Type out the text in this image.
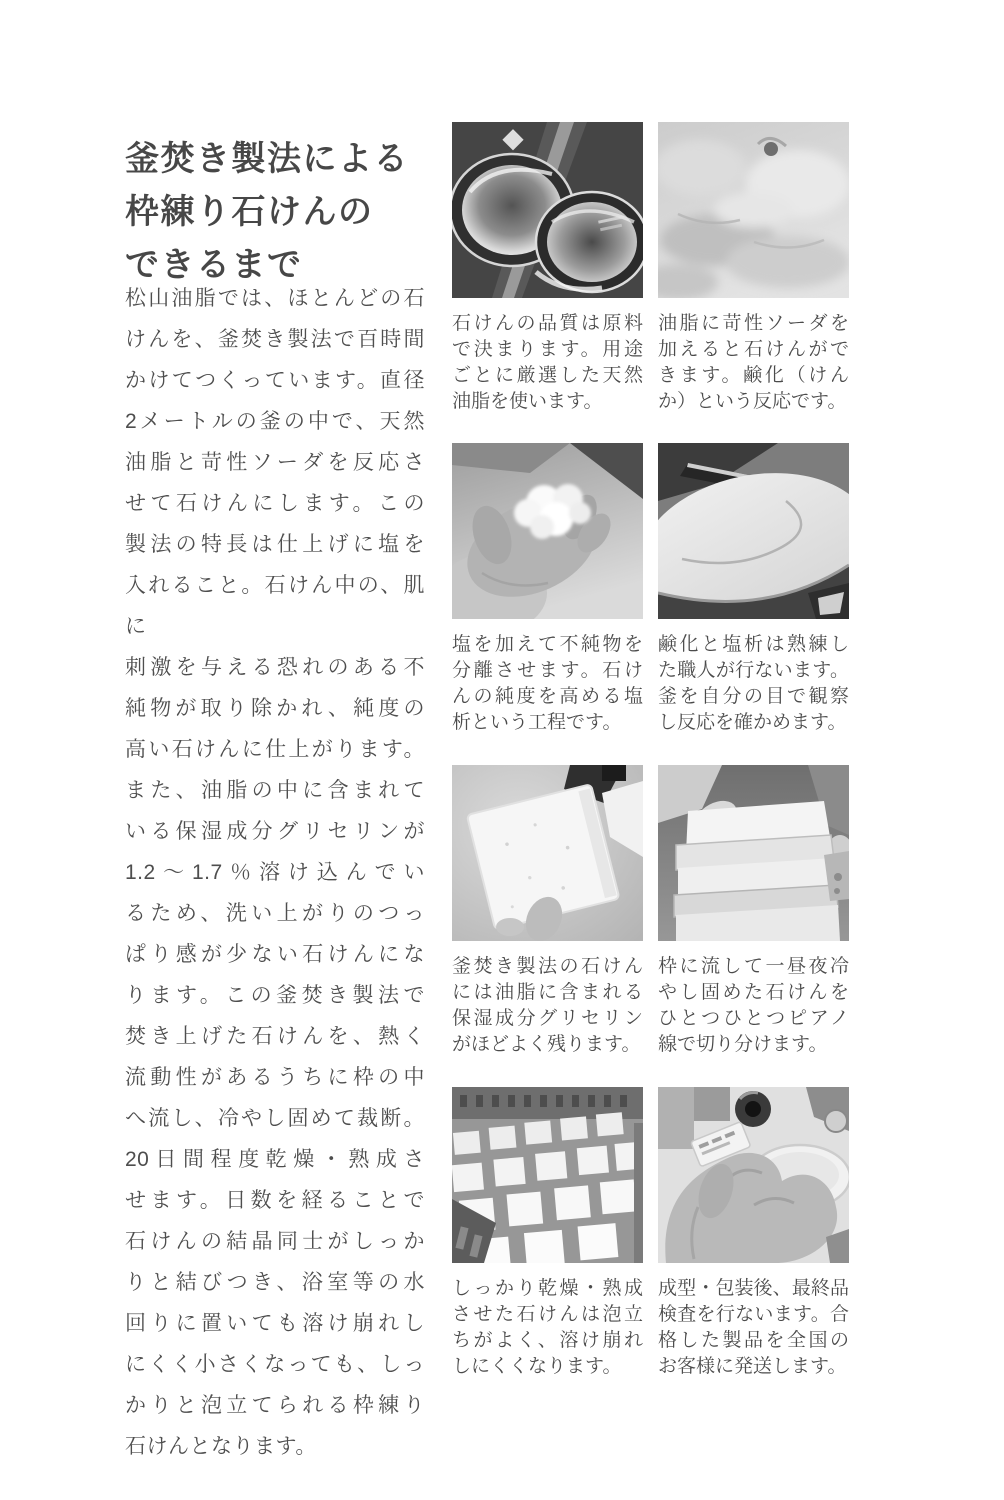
釜焚き製法による
枠練り石けんの
できるまで
松山油脂では、ほとんどの石
けんを、釜焚き製法で百時間
かけてつくっています。直径
2メートルの釜の中で、天然
油脂と苛性ソーダを反応さ
せて石けんにします。この
製法の特長は仕上げに塩を
入れること。石けん中の、肌に
刺激を与える恐れのある不
純物が取り除かれ、純度の
高い石けんに仕上がります。
また、油脂の中に含まれて
いる保湿成分グリセリンが
1.2～1.7％溶け込んでい
るため、洗い上がりのつっ
ぱり感が少ない石けんにな
ります。この釜焚き製法で
焚き上げた石けんを、熱く
流動性があるうちに枠の中
へ流し、冷やし固めて裁断。
20日間程度乾燥・熟成さ
せます。日数を経ることで
石けんの結晶同士がしっか
りと結びつき、浴室等の水
回りに置いても溶け崩れし
にくく小さくなっても、しっ
かりと泡立てられる枠練り
石けんとなります。
石けんの品質は原料
で決まります。用途
ごとに厳選した天然
油脂を使います。
油脂に苛性ソーダを
加えると石けんがで
きます。鹸化（けん
か）という反応です。
塩を加えて不純物を
分離させます。石け
んの純度を高める塩
析という工程です。
鹸化と塩析は熟練し
た職人が行ないます。
釜を自分の目で観察
し反応を確かめます。
釜焚き製法の石けん
には油脂に含まれる
保湿成分グリセリン
がほどよく残ります。
枠に流して一昼夜冷
やし固めた石けんを
ひとつひとつピアノ
線で切り分けます。
しっかり乾燥・熟成
させた石けんは泡立
ちがよく、溶け崩れ
しにくくなります。
成型・包装後、最終品
検査を行ないます。合
格した製品を全国の
お客様に発送します。
